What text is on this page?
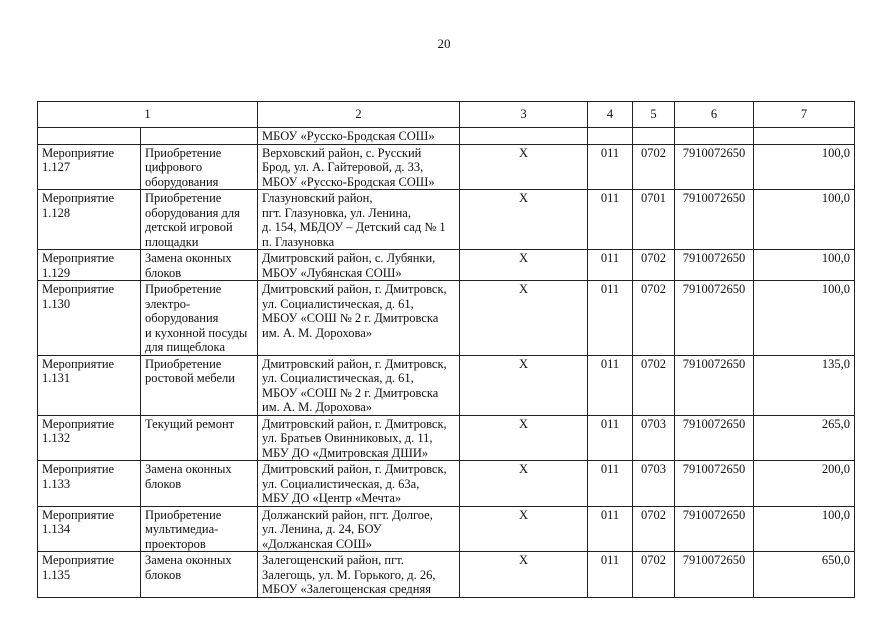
20
1		2	3	4	5	6	7
		МБОУ «Русско-Бродская СОШ»					
Мероприятие
1.127	Приобретение
цифрового
оборудования	Верховский район, с. Русский
Брод, ул. А. Гайтеровой, д. 33,
МБОУ «Русско-Бродская СОШ»	Х	011	0702	7910072650	100,0
Мероприятие
1.128	Приобретение
оборудования для
детской игровой
площадки	Глазуновский район,
пгт. Глазуновка, ул. Ленина,
д. 154, МБДОУ – Детский сад № 1
п. Глазуновка	Х	011	0701	7910072650	100,0
Мероприятие
1.129	Замена оконных
блоков	Дмитровский район, с. Лубянки,
МБОУ «Лубянская СОШ»	Х	011	0702	7910072650	100,0
Мероприятие
1.130	Приобретение
электро-
оборудования
и кухонной посуды
для пищеблока	Дмитровский район, г. Дмитровск,
ул. Социалистическая, д. 61,
МБОУ «СОШ № 2 г. Дмитровска
им. А. М. Дорохова»	Х	011	0702	7910072650	100,0
Мероприятие
1.131	Приобретение
ростовой мебели	Дмитровский район, г. Дмитровск,
ул. Социалистическая, д. 61,
МБОУ «СОШ № 2 г. Дмитровска
им. А. М. Дорохова»	Х	011	0702	7910072650	135,0
Мероприятие
1.132	Текущий ремонт	Дмитровский район, г. Дмитровск,
ул. Братьев Овинниковых, д. 11,
МБУ ДО «Дмитровская ДШИ»	Х	011	0703	7910072650	265,0
Мероприятие
1.133	Замена оконных
блоков	Дмитровский район, г. Дмитровск,
ул. Социалистическая, д. 63а,
МБУ ДО «Центр «Мечта»	Х	011	0703	7910072650	200,0
Мероприятие
1.134	Приобретение
мультимедиа-
проекторов	Должанский район, пгт. Долгое,
ул. Ленина, д. 24, БОУ
«Должанская СОШ»	Х	011	0702	7910072650	100,0
Мероприятие
1.135	Замена оконных
блоков	Залегощенский район, пгт.
Залегощь, ул. М. Горького, д. 26,
МБОУ «Залегощенская средняя	Х	011	0702	7910072650	650,0
